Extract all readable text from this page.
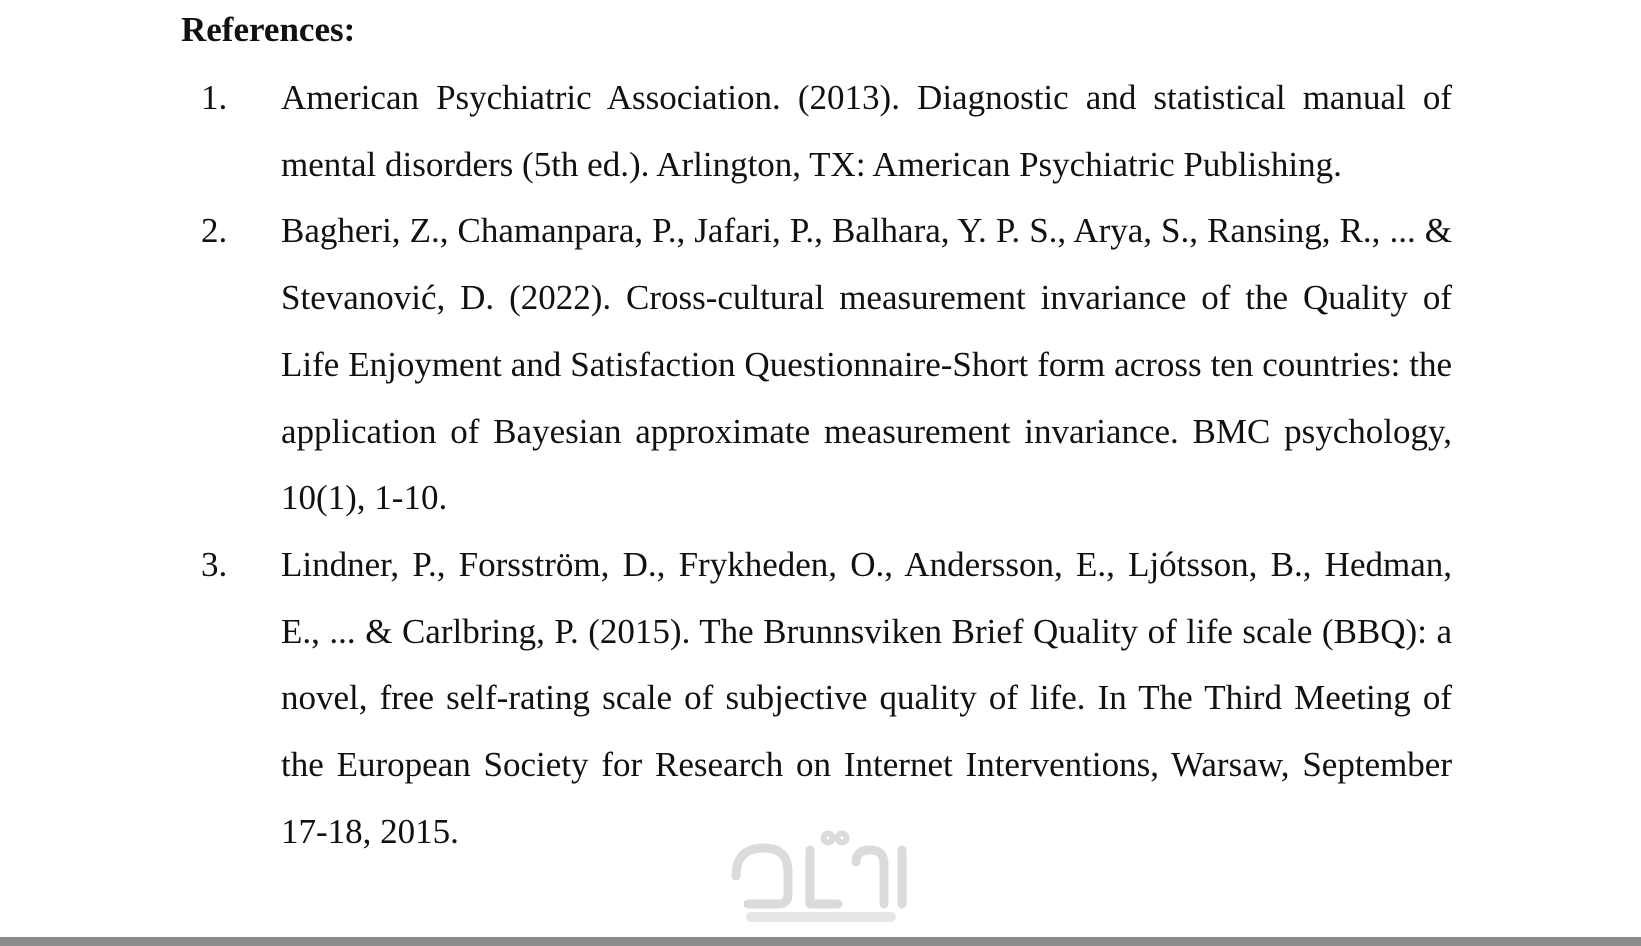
References:
1. American Psychiatric Association. (2013). Diagnostic and statistical manual of mental disorders (5th ed.). Arlington, TX: American Psychiatric Publishing.
2. Bagheri, Z., Chamanpara, P., Jafari, P., Balhara, Y. P. S., Arya, S., Ransing, R., ... & Stevanović, D. (2022). Cross-cultural measurement invariance of the Quality of Life Enjoyment and Satisfaction Questionnaire-Short form across ten countries: the application of Bayesian approximate measurement invariance. BMC psychology, 10(1), 1-10.
3. Lindner, P., Forsström, D., Frykheden, O., Andersson, E., Ljótsson, B., Hedman, E., ... & Carlbring, P. (2015). The Brunnsviken Brief Quality of life scale (BBQ): a novel, free self-rating scale of subjective quality of life. In The Third Meeting of the European Society for Research on Internet Interventions, Warsaw, September 17-18, 2015.
